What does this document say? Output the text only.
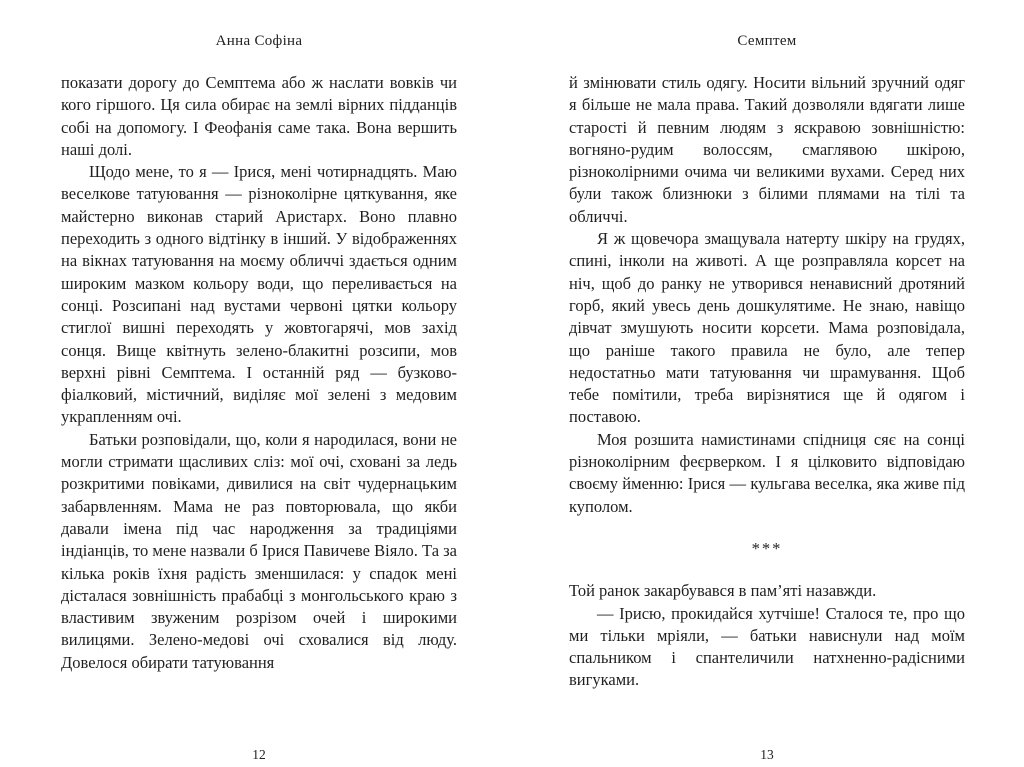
Анна Софіна

показати дорогу до Семптема або ж наслати вовків чи кого гіршого. Ця сила обирає на землі вірних підданців собі на допомогу. І Феофанія саме така. Вона вершить наші долі.

Щодо мене, то я — Ірися, мені чотирнадцять. Маю веселкове татуювання — різноколірне цяткування, яке майстерно виконав старий Аристарх. Воно плавно переходить з одного відтінку в інший. У відображеннях на вікнах татуювання на моєму обличчі здається одним широким мазком кольору води, що переливається на сонці. Розсипані над вустами червоні цятки кольору стиглої вишні переходять у жовтогарячі, мов захід сонця. Вище квітнуть зелено-блакитні розсипи, мов верхні рівні Семптема. І останній ряд — бузково-фіалковий, містичний, виділяє мої зелені з медовим украпленням очі.

Батьки розповідали, що, коли я народилася, вони не могли стримати щасливих сліз: мої очі, сховані за ледь розкритими повіками, дивилися на світ чудернацьким забарвленням. Мама не раз повторювала, що якби давали імена під час народження за традиціями індіанців, то мене назвали б Ірися Павичеве Віяло. Та за кілька років їхня радість зменшилася: у спадок мені дісталася зовнішність прабабці з монгольського краю з властивим звуженим розрізом очей і широкими вилицями. Зелено-медові очі сховалися від люду. Довелося обирати татуювання

12
Семптем

й змінювати стиль одягу. Носити вільний зручний одяг я більше не мала права. Такий дозволяли вдягати лише старості й певним людям з яскравою зовнішністю: вогняно-рудим волоссям, смаглявою шкірою, різноколірними очима чи великими вухами. Серед них були також близнюки з білими плямами на тілі та обличчі.

Я ж щовечора змащувала натерту шкіру на грудях, спині, інколи на животі. А ще розправляла корсет на ніч, щоб до ранку не утворився ненависний дротяний горб, який увесь день дошкулятиме. Не знаю, навіщо дівчат змушують носити корсети. Мама розповідала, що раніше такого правила не було, але тепер недостатньо мати татуювання чи шрамування. Щоб тебе помітили, треба вирізнятися ще й одягом і поставою.

Моя розшита намистинами спідниця сяє на сонці різноколірним феєрверком. І я цілковито відповідаю своєму йменню: Ірися — кульгава веселка, яка живе під куполом.

***

Той ранок закарбувався в пам’яті назавжди.

— Ірисю, прокидайся хутчіше! Сталося те, про що ми тільки мріяли, — батьки нависнули над моїм спальником і спантеличили натхненно-радісними вигуками.

13
